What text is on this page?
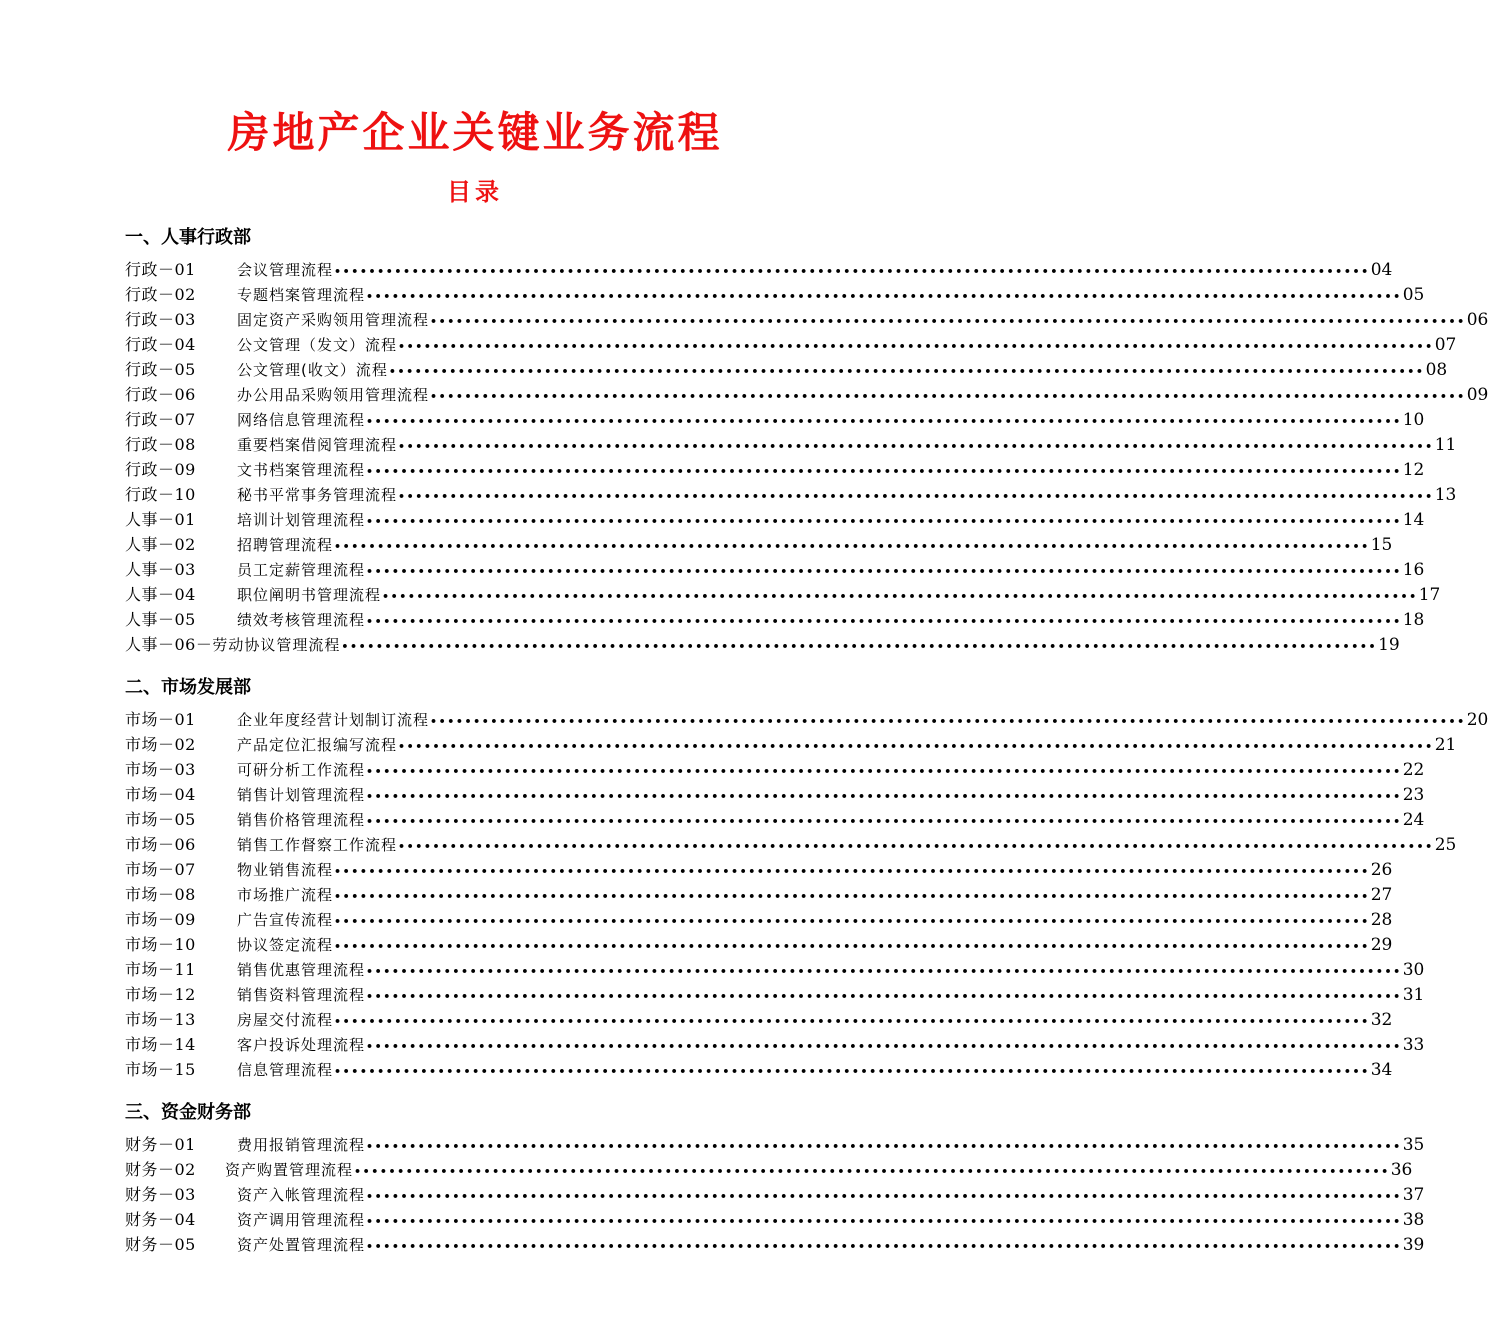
房地产企业关键业务流程
目录
一、人事行政部
行政－01	会议管理流程 •••••••••••••••••••••••••••••••••••••••••••••••••••••••••••••••••••••••••••••••••••••••••••••••••••••••••••••••••••••••• 04
行政－02	专题档案管理流程 •••••••••••••••••••••••••••••••••••••••••••••••••••••••••••••••••••••••••••••••••••••••••••••••••••••••••••••••••••••••• 05
行政－03	固定资产采购领用管理流程 •••••••••••••••••••••••••••••••••••••••••••••••••••••••••••••••••••••••••••••••••••••••••••••••••••••••••••••••••••••••• 06
行政－04	公文管理（发文）流程 •••••••••••••••••••••••••••••••••••••••••••••••••••••••••••••••••••••••••••••••••••••••••••••••••••••••••••••••••••••••• 07
行政－05	公文管理(收文）流程 •••••••••••••••••••••••••••••••••••••••••••••••••••••••••••••••••••••••••••••••••••••••••••••••••••••••••••••••••••••••• 08
行政－06	办公用品采购领用管理流程 •••••••••••••••••••••••••••••••••••••••••••••••••••••••••••••••••••••••••••••••••••••••••••••••••••••••••••••••••••••••• 09
行政－07	网络信息管理流程 •••••••••••••••••••••••••••••••••••••••••••••••••••••••••••••••••••••••••••••••••••••••••••••••••••••••••••••••••••••••• 10
行政－08	重要档案借阅管理流程 •••••••••••••••••••••••••••••••••••••••••••••••••••••••••••••••••••••••••••••••••••••••••••••••••••••••••••••••••••••••• 11
行政－09	文书档案管理流程 •••••••••••••••••••••••••••••••••••••••••••••••••••••••••••••••••••••••••••••••••••••••••••••••••••••••••••••••••••••••• 12
行政－10	秘书平常事务管理流程 •••••••••••••••••••••••••••••••••••••••••••••••••••••••••••••••••••••••••••••••••••••••••••••••••••••••••••••••••••••••• 13
人事－01	培训计划管理流程 •••••••••••••••••••••••••••••••••••••••••••••••••••••••••••••••••••••••••••••••••••••••••••••••••••••••••••••••••••••••• 14
人事－02	招聘管理流程 •••••••••••••••••••••••••••••••••••••••••••••••••••••••••••••••••••••••••••••••••••••••••••••••••••••••••••••••••••••••• 15
人事－03	员工定薪管理流程 •••••••••••••••••••••••••••••••••••••••••••••••••••••••••••••••••••••••••••••••••••••••••••••••••••••••••••••••••••••••• 16
人事－04	职位阐明书管理流程 •••••••••••••••••••••••••••••••••••••••••••••••••••••••••••••••••••••••••••••••••••••••••••••••••••••••••••••••••••••••• 17
人事－05	绩效考核管理流程 •••••••••••••••••••••••••••••••••••••••••••••••••••••••••••••••••••••••••••••••••••••••••••••••••••••••••••••••••••••••• 18
人事－06－ 劳动协议管理流程 •••••••••••••••••••••••••••••••••••••••••••••••••••••••••••••••••••••••••••••••••••••••••••••••••••••••••••••••••••••••• 19
二、市场发展部
市场－01	企业年度经营计划制订流程 •••••••••••••••••••••••••••••••••••••••••••••••••••••••••••••••••••••••••••••••••••••••••••••••••••••••••••••••••••••••• 20
市场－02	产品定位汇报编写流程 •••••••••••••••••••••••••••••••••••••••••••••••••••••••••••••••••••••••••••••••••••••••••••••••••••••••••••••••••••••••• 21
市场－03	可研分析工作流程 •••••••••••••••••••••••••••••••••••••••••••••••••••••••••••••••••••••••••••••••••••••••••••••••••••••••••••••••••••••••• 22
市场－04	销售计划管理流程 •••••••••••••••••••••••••••••••••••••••••••••••••••••••••••••••••••••••••••••••••••••••••••••••••••••••••••••••••••••••• 23
市场－05	销售价格管理流程 •••••••••••••••••••••••••••••••••••••••••••••••••••••••••••••••••••••••••••••••••••••••••••••••••••••••••••••••••••••••• 24
市场－06	销售工作督察工作流程 •••••••••••••••••••••••••••••••••••••••••••••••••••••••••••••••••••••••••••••••••••••••••••••••••••••••••••••••••••••••• 25
市场－07	物业销售流程 •••••••••••••••••••••••••••••••••••••••••••••••••••••••••••••••••••••••••••••••••••••••••••••••••••••••••••••••••••••••• 26
市场－08	市场推广流程 •••••••••••••••••••••••••••••••••••••••••••••••••••••••••••••••••••••••••••••••••••••••••••••••••••••••••••••••••••••••• 27
市场－09	广告宣传流程 •••••••••••••••••••••••••••••••••••••••••••••••••••••••••••••••••••••••••••••••••••••••••••••••••••••••••••••••••••••••• 28
市场－10	协议签定流程 •••••••••••••••••••••••••••••••••••••••••••••••••••••••••••••••••••••••••••••••••••••••••••••••••••••••••••••••••••••••• 29
市场－11	销售优惠管理流程 •••••••••••••••••••••••••••••••••••••••••••••••••••••••••••••••••••••••••••••••••••••••••••••••••••••••••••••••••••••••• 30
市场－12	销售资料管理流程 •••••••••••••••••••••••••••••••••••••••••••••••••••••••••••••••••••••••••••••••••••••••••••••••••••••••••••••••••••••••• 31
市场－13	房屋交付流程 •••••••••••••••••••••••••••••••••••••••••••••••••••••••••••••••••••••••••••••••••••••••••••••••••••••••••••••••••••••••• 32
市场－14	客户投诉处理流程 •••••••••••••••••••••••••••••••••••••••••••••••••••••••••••••••••••••••••••••••••••••••••••••••••••••••••••••••••••••••• 33
市场－15	信息管理流程 •••••••••••••••••••••••••••••••••••••••••••••••••••••••••••••••••••••••••••••••••••••••••••••••••••••••••••••••••••••••• 34
三、资金财务部
财务－01	费用报销管理流程 •••••••••••••••••••••••••••••••••••••••••••••••••••••••••••••••••••••••••••••••••••••••••••••••••••••••••••••••••••••••• 35
财务－02	资产购置管理流程 •••••••••••••••••••••••••••••••••••••••••••••••••••••••••••••••••••••••••••••••••••••••••••••••••••••••••••••••••••••••• 36
财务－03	资产入帐管理流程 •••••••••••••••••••••••••••••••••••••••••••••••••••••••••••••••••••••••••••••••••••••••••••••••••••••••••••••••••••••••• 37
财务－04	资产调用管理流程 •••••••••••••••••••••••••••••••••••••••••••••••••••••••••••••••••••••••••••••••••••••••••••••••••••••••••••••••••••••••• 38
财务－05	资产处置管理流程 •••••••••••••••••••••••••••••••••••••••••••••••••••••••••••••••••••••••••••••••••••••••••••••••••••••••••••••••••••••••• 39
